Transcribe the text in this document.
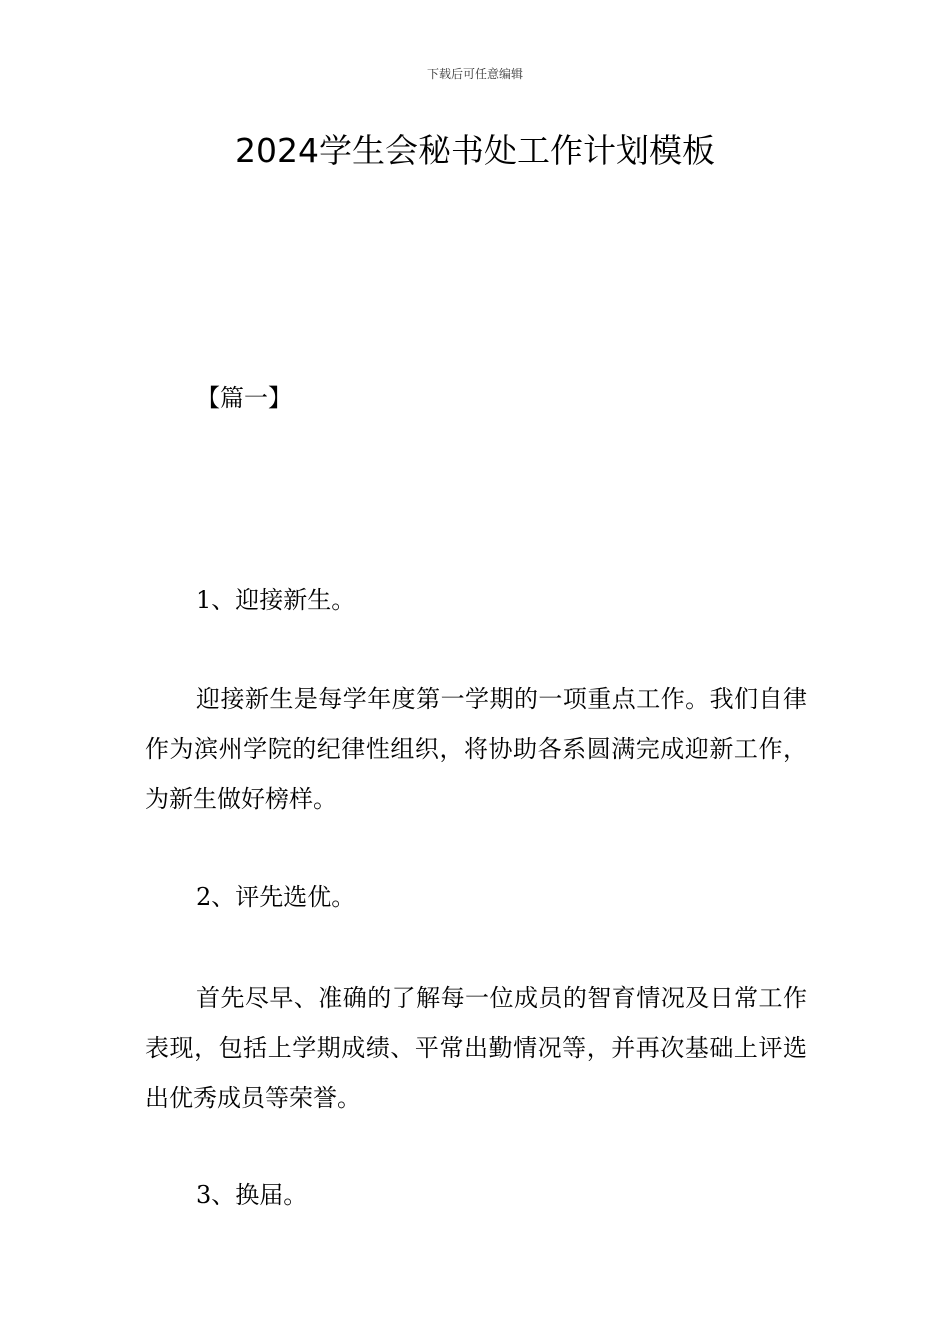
下载后可任意编辑
2024学生会秘书处工作计划模板
【篇一】

1、迎接新生。

迎接新生是每学年度第一学期的一项重点工作。我们自律作为滨州学院的纪律性组织，将协助各系圆满完成迎新工作，为新生做好榜样。

2、评先选优。

首先尽早、准确的了解每一位成员的智育情况及日常工作表现，包括上学期成绩、平常出勤情况等，并再次基础上评选出优秀成员等荣誉。

3、换届。
